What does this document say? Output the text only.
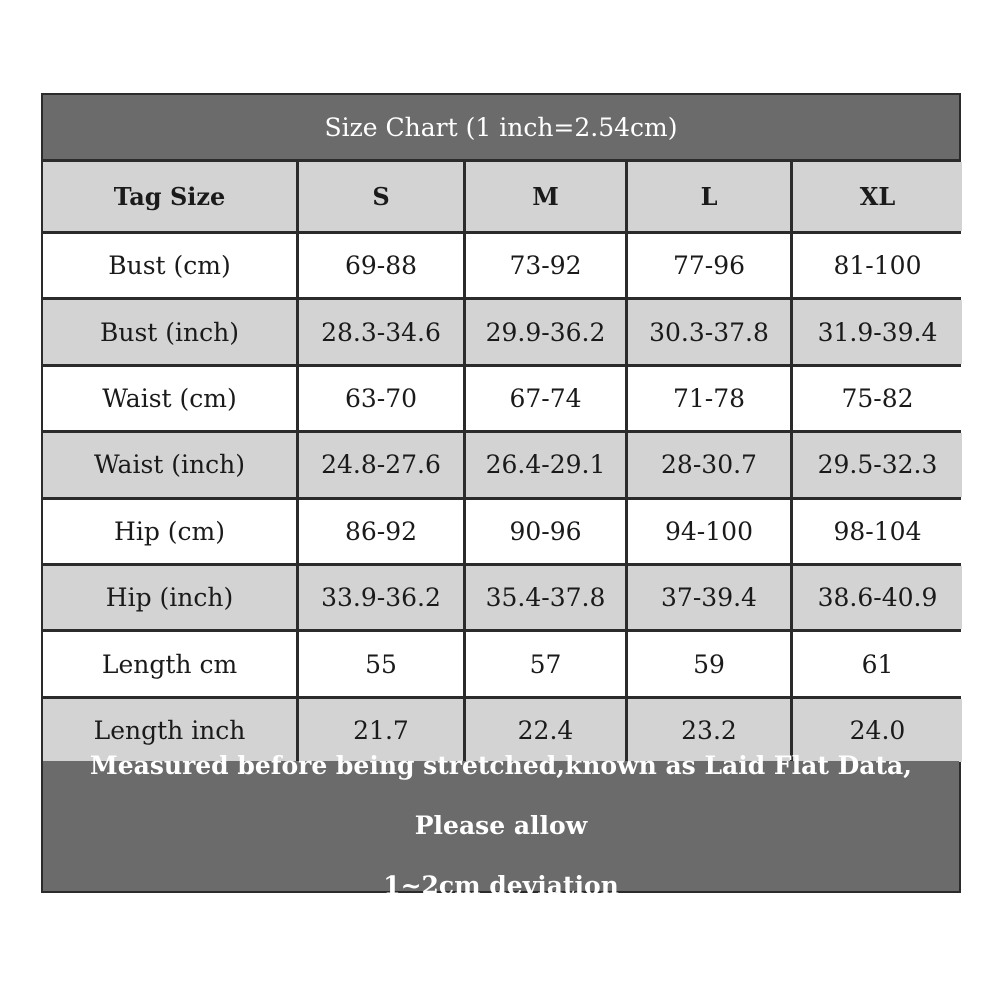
Size Chart (1 inch=2.54cm)
Tag Size	S	M	L	XL
Bust (cm)	69-88	73-92	77-96	81-100
Bust (inch)	28.3-34.6	29.9-36.2	30.3-37.8	31.9-39.4
Waist (cm)	63-70	67-74	71-78	75-82
Waist (inch)	24.8-27.6	26.4-29.1	28-30.7	29.5-32.3
Hip (cm)	86-92	90-96	94-100	98-104
Hip (inch)	33.9-36.2	35.4-37.8	37-39.4	38.6-40.9
Length cm	55	57	59	61
Length inch	21.7	22.4	23.2	24.0
Measured before being stretched,known as Laid Flat Data, Please allow
1~2cm deviation
